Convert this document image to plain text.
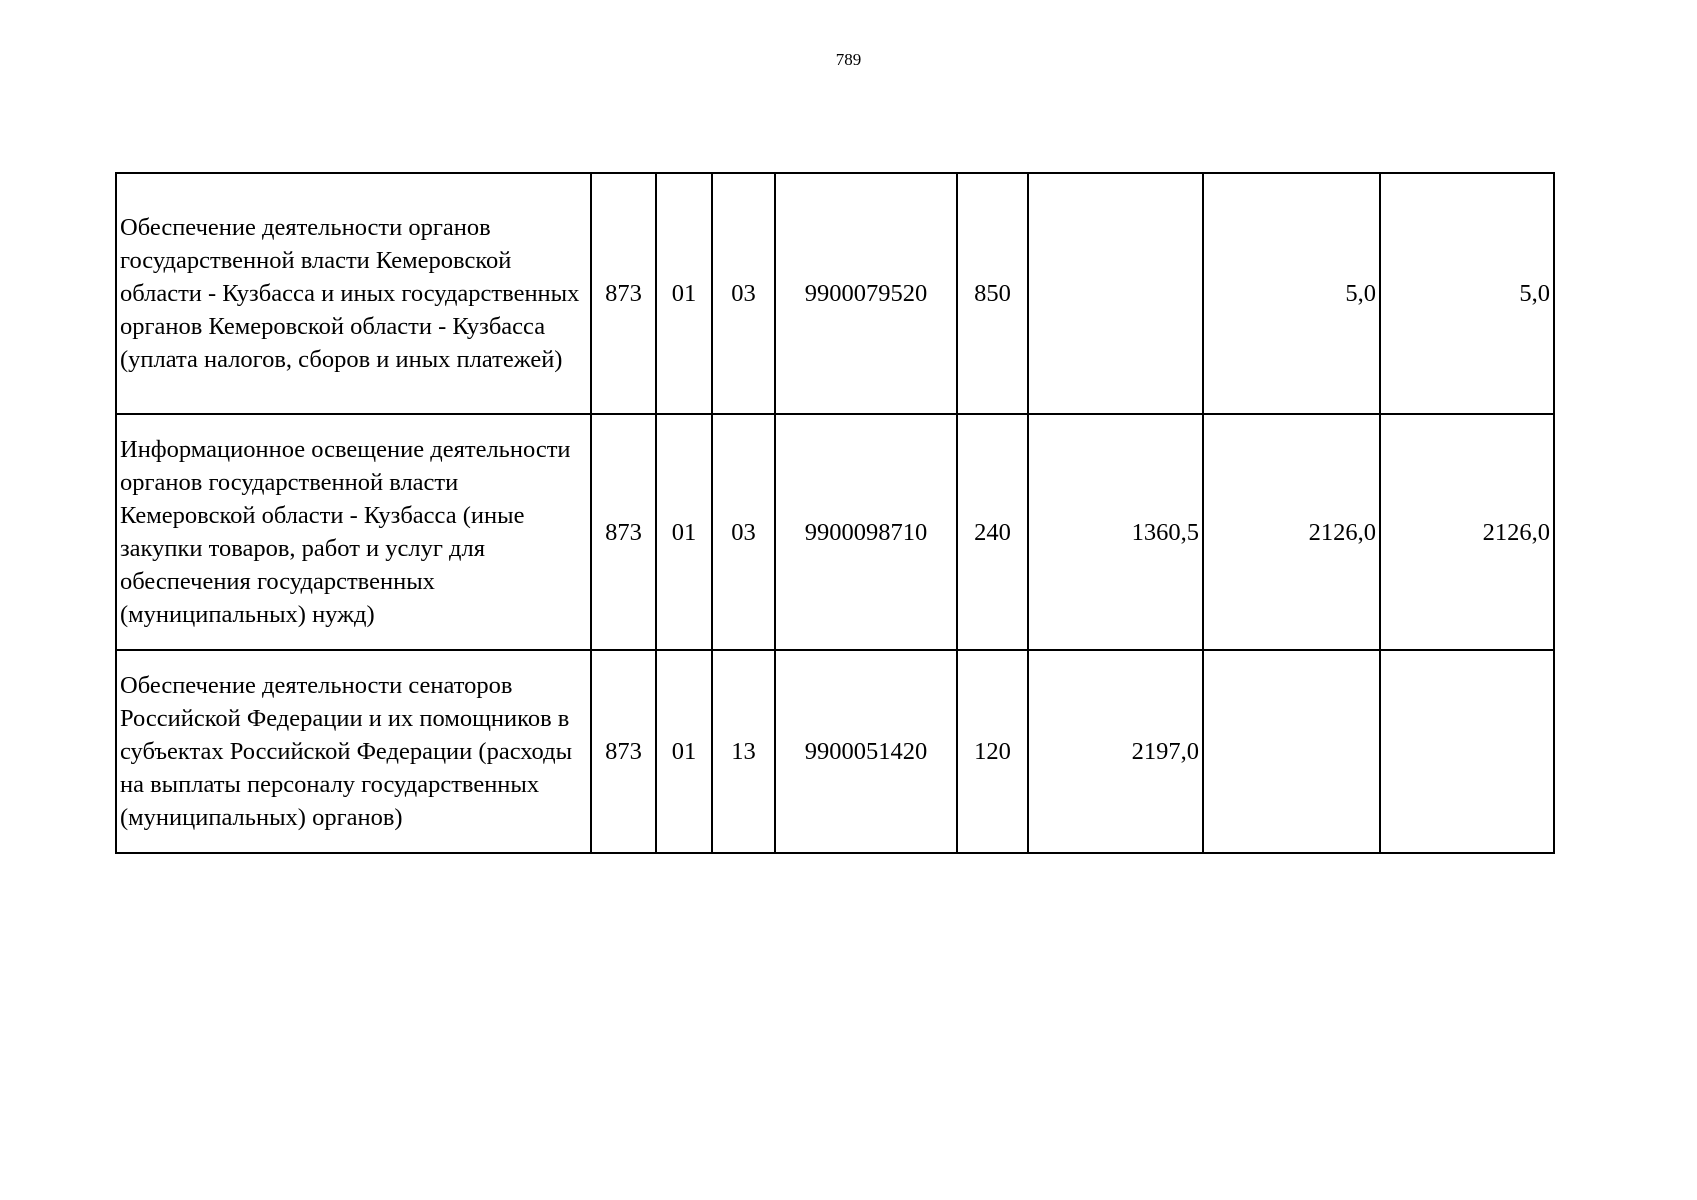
789
Обеспечение деятельности органов государственной власти Кемеровской области - Кузбасса и иных государственных органов Кемеровской области - Кузбасса (уплата налогов, сборов и иных платежей)	873	01	03	9900079520	850		5,0	5,0
Информационное освещение деятельности органов государственной власти Кемеровской области - Кузбасса (иные закупки товаров, работ и услуг для обеспечения государственных (муниципальных) нужд)	873	01	03	9900098710	240	1360,5	2126,0	2126,0
Обеспечение деятельности сенаторов Российской Федерации и их помощников в субъектах Российской Федерации (расходы на выплаты персоналу государственных (муниципальных) органов)	873	01	13	9900051420	120	2197,0		
